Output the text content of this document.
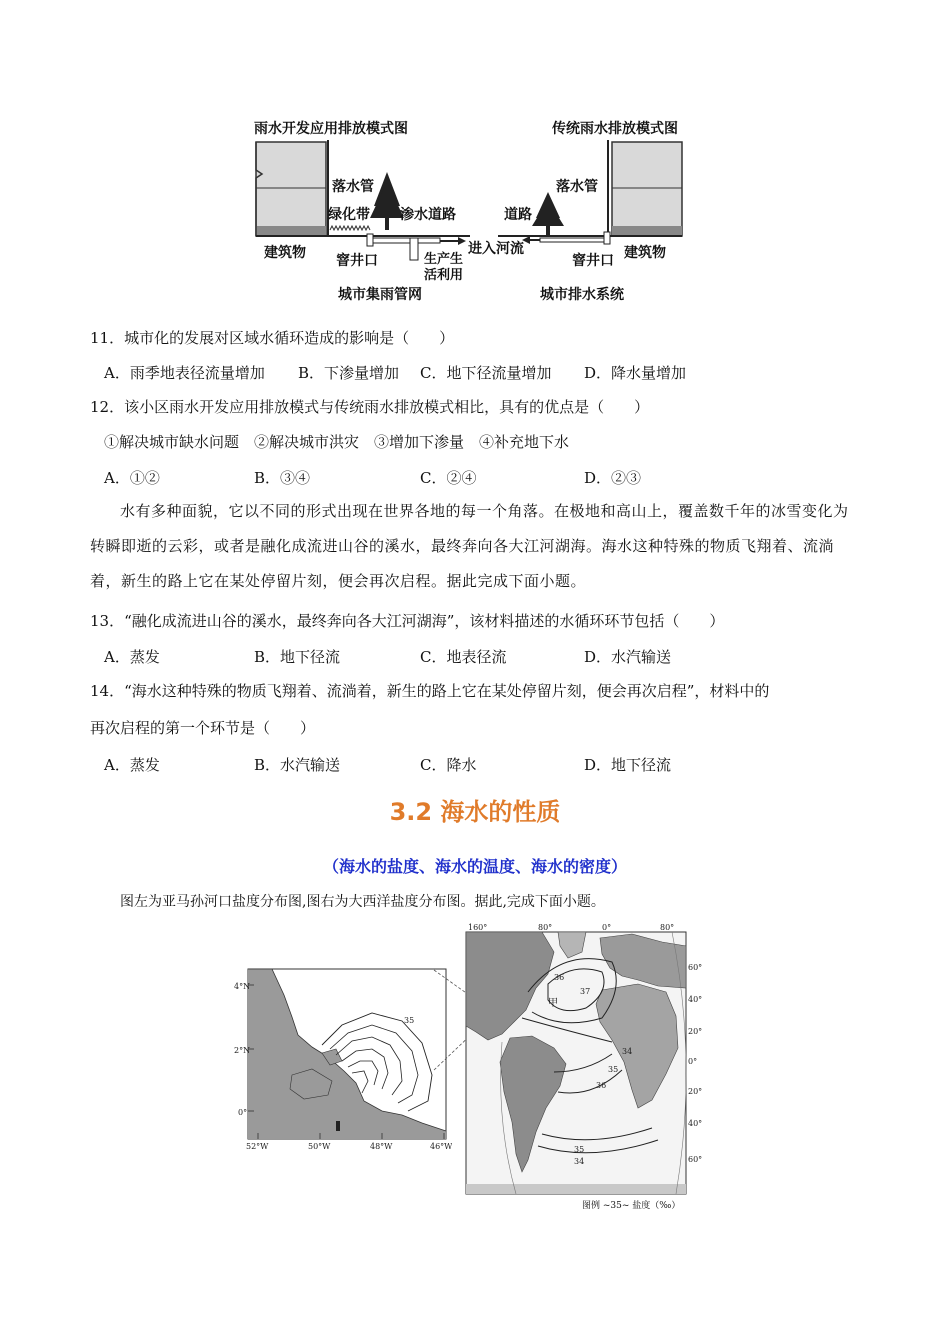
雨水开发应用排放模式图	传统雨水排放模式图
落水管
绿化带 渗水道路
建筑物 窨井口	生产生
活利用
城市集雨管网
落水管
道路
进入河流
窨井口 建筑物
城市排水系统
11．城市化的发展对区域水循环造成的影响是（　　）
A．雨季地表径流量增加 B．下渗量增加 C．地下径流量增加 D．降水量增加
12．该小区雨水开发应用排放模式与传统雨水排放模式相比，具有的优点是（　　）
①解决城市缺水问题　②解决城市洪灾　③增加下渗量　④补充地下水
A．①②	B．③④	C．②④	D．②③
水有多种面貌，它以不同的形式出现在世界各地的每一个角落。在极地和高山上，覆盖数千年的冰雪变化为转瞬即逝的云彩，或者是融化成流进山谷的溪水，最终奔向各大江河湖海。海水这种特殊的物质飞翔着、流淌着，新生的路上它在某处停留片刻，便会再次启程。据此完成下面小题。
13．“融化成流进山谷的溪水，最终奔向各大江河湖海”，该材料描述的水循环环节包括（　　）
A．蒸发	B．地下径流	C．地表径流	D．水汽输送
14．“海水这种特殊的物质飞翔着、流淌着，新生的路上它在某处停留片刻，便会再次启程”，材料中的
再次启程的第一个环节是（　　）
A．蒸发	B．水汽输送	C．降水	D．地下径流
3.2 海水的性质
（海水的盐度、海水的温度、海水的密度）
图左为亚马孙河口盐度分布图,图右为大西洋盐度分布图。据此,完成下面小题。
4°N
2°N
0°
52°W	50°W	48°W	46°W
35
160°	80°	0°	80°
60°
40°
20°
0°
20°
40°
60°
36
37
35
34
36
35
34
甲
图例 ~35~ 盐度（‰）
